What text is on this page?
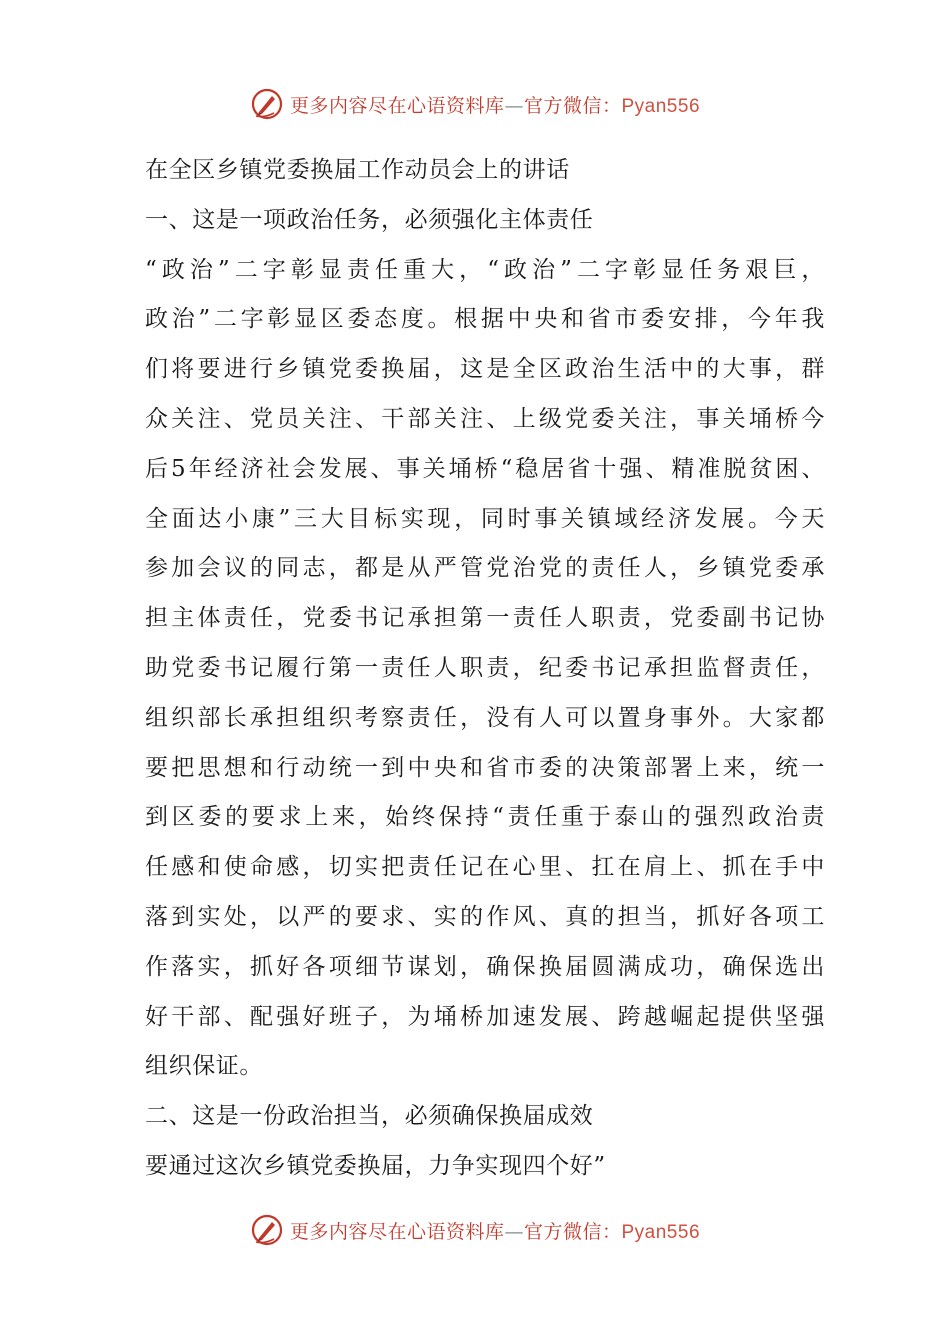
更多内容尽在心语资料库—官方微信：Pyan556
在全区乡镇党委换届工作动员会上的讲话
一、这是一项政治任务，必须强化主体责任
“政治”二字彰显责任重大，“政治”二字彰显任务艰巨，
政治”二字彰显区委态度。根据中央和省市委安排，今年我
们将要进行乡镇党委换届，这是全区政治生活中的大事，群
众关注、党员关注、干部关注、上级党委关注，事关埇桥今
后5年经济社会发展、事关埇桥“稳居省十强、精准脱贫困、
全面达小康”三大目标实现，同时事关镇域经济发展。今天
参加会议的同志，都是从严管党治党的责任人，乡镇党委承
担主体责任，党委书记承担第一责任人职责，党委副书记协
助党委书记履行第一责任人职责，纪委书记承担监督责任，
组织部长承担组织考察责任，没有人可以置身事外。大家都
要把思想和行动统一到中央和省市委的决策部署上来，统一
到区委的要求上来，始终保持“责任重于泰山的强烈政治责
任感和使命感，切实把责任记在心里、扛在肩上、抓在手中
落到实处，以严的要求、实的作风、真的担当，抓好各项工
作落实，抓好各项细节谋划，确保换届圆满成功，确保选出
好干部、配强好班子，为埇桥加速发展、跨越崛起提供坚强
组织保证。
二、这是一份政治担当，必须确保换届成效
要通过这次乡镇党委换届，力争实现四个好”
更多内容尽在心语资料库—官方微信：Pyan556
